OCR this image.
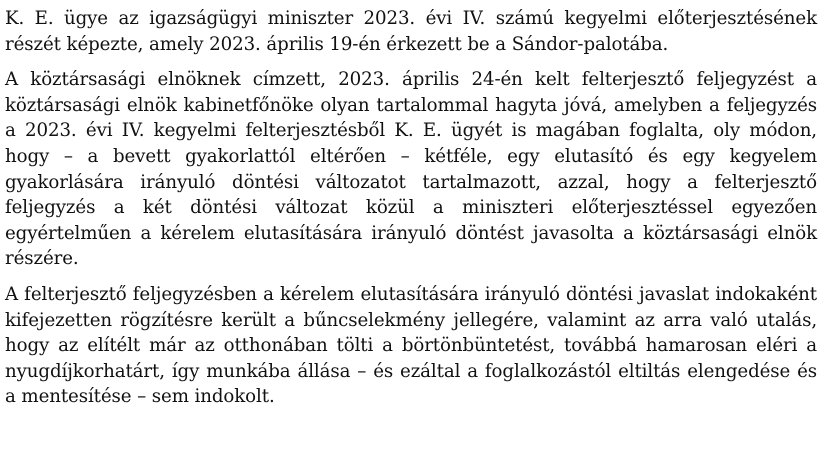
K. E. ügye az igazságügyi miniszter 2023. évi IV. számú kegyelmi előterjesztésének részét képezte, amely 2023. április 19-én érkezett be a Sándor-palotába.

A köztársasági elnöknek címzett, 2023. április 24-én kelt felterjesztő feljegyzést a köztársasági elnök kabinetfőnöke olyan tartalommal hagyta jóvá, amelyben a feljegyzés a 2023. évi IV. kegyelmi felterjesztésből K. E. ügyét is magában foglalta, oly módon, hogy – a bevett gyakorlattól eltérően – kétféle, egy elutasító és egy kegyelem gyakorlására irányuló döntési változatot tartalmazott, azzal, hogy a felterjesztő feljegyzés a két döntési változat közül a miniszteri előterjesztéssel egyezően egyértelműen a kérelem elutasítására irányuló döntést javasolta a köztársasági elnök részére.

A felterjesztő feljegyzésben a kérelem elutasítására irányuló döntési javaslat indokaként kifejezetten rögzítésre került a bűncselekmény jellegére, valamint az arra való utalás, hogy az elítélt már az otthonában tölti a börtönbüntetést, továbbá hamarosan eléri a nyugdíjkorhatárt, így munkába állása – és ezáltal a foglalkozástól eltiltás elengedése és a mentesítése – sem indokolt.
